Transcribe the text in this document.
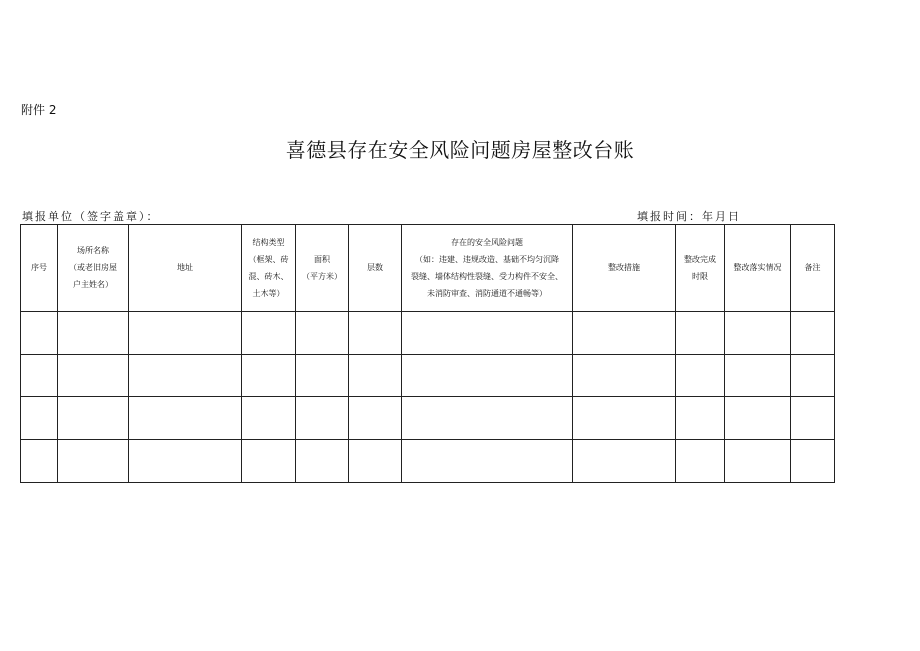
附件 2
喜德县存在安全风险问题房屋整改台账
填报单位（签字盖章）：	填报时间：年月日
序号	场所名称
（或老旧房屋
户主姓名）	地址	结构类型
（框架、砖
混、砖木、
土木等）	面积
（平方米）	层数	存在的安全风险问题
（如：违建、违规改造、基础不均匀沉降
裂缝、墙体结构性裂缝、受力构件不安全、
未消防审查、消防通道不通畅等）	整改措施	整改完成
时限	整改落实情况	备注
